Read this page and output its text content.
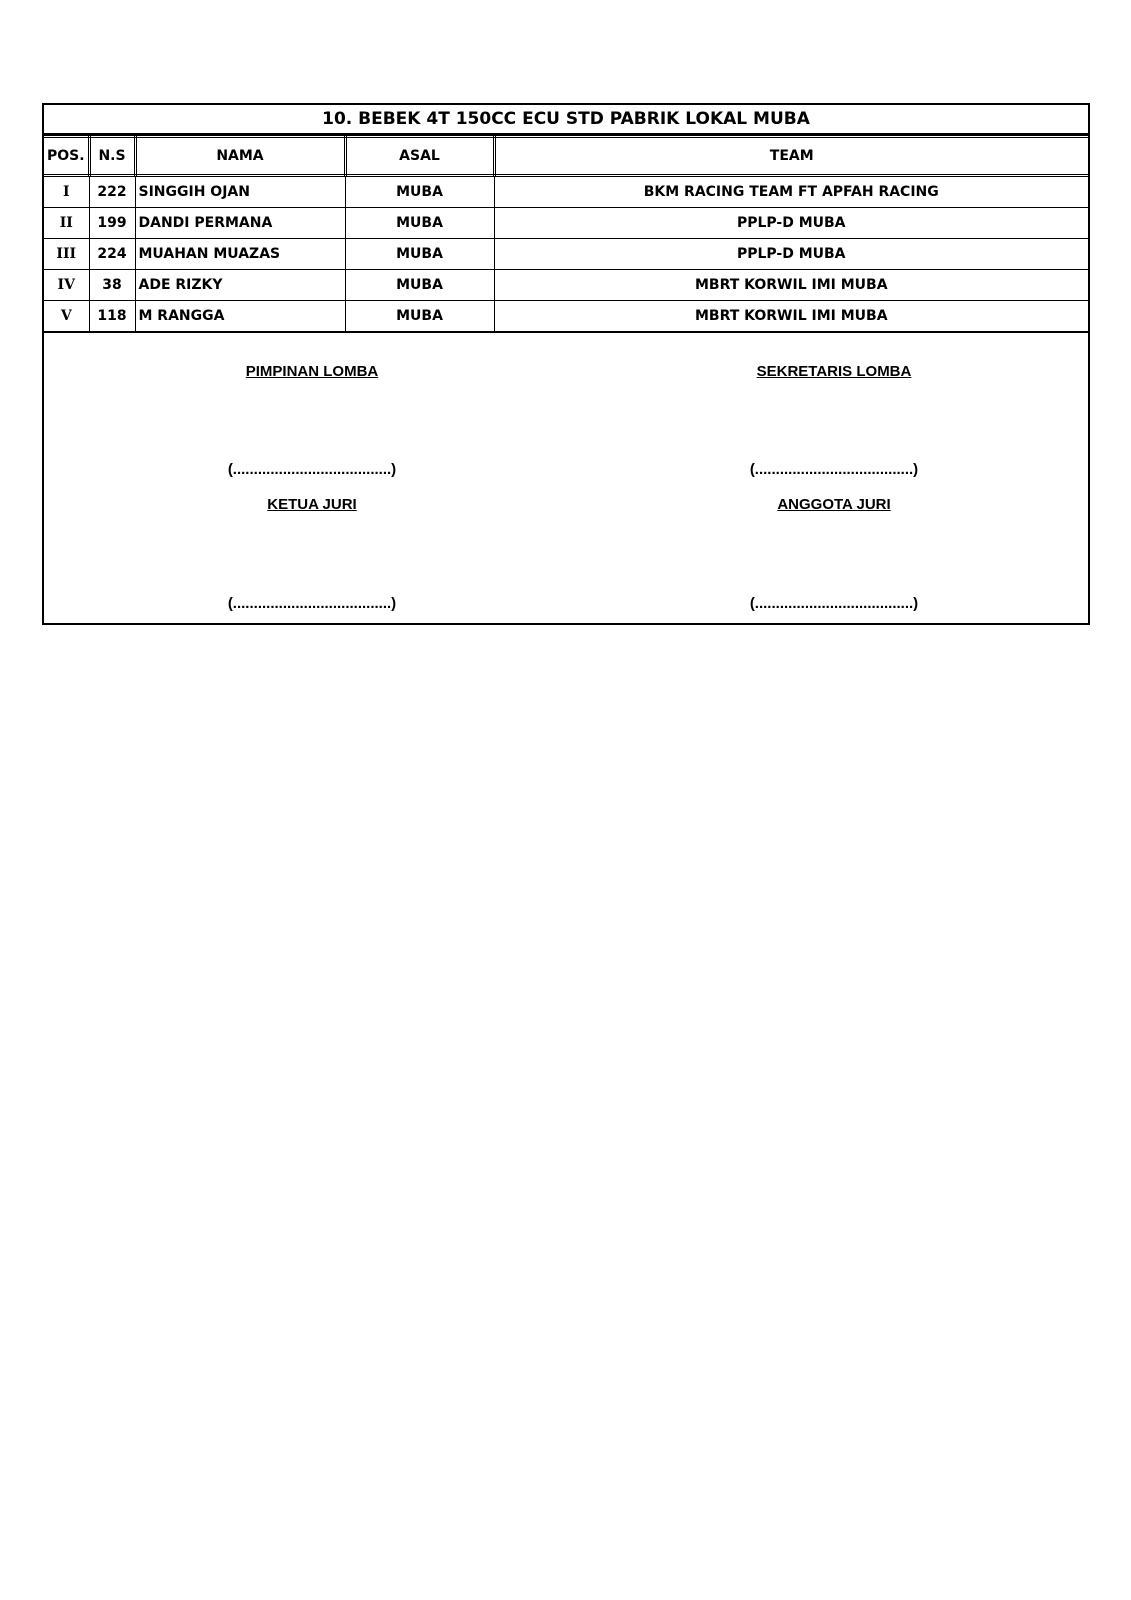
10. BEBEK 4T 150CC ECU STD PABRIK LOKAL MUBA
POS.	N.S	NAMA	ASAL	TEAM
I	222	SINGGIH OJAN	MUBA	BKM RACING TEAM FT APFAH RACING
II	199	DANDI PERMANA	MUBA	PPLP-D MUBA
III	224	MUAHAN MUAZAS	MUBA	PPLP-D MUBA
IV	38	ADE RIZKY	MUBA	MBRT KORWIL IMI MUBA
V	118	M RANGGA	MUBA	MBRT KORWIL IMI MUBA
PIMPINAN LOMBA	SEKRETARIS LOMBA
(......................................)	(......................................)
KETUA JURI	ANGGOTA JURI
(......................................)	(......................................)
